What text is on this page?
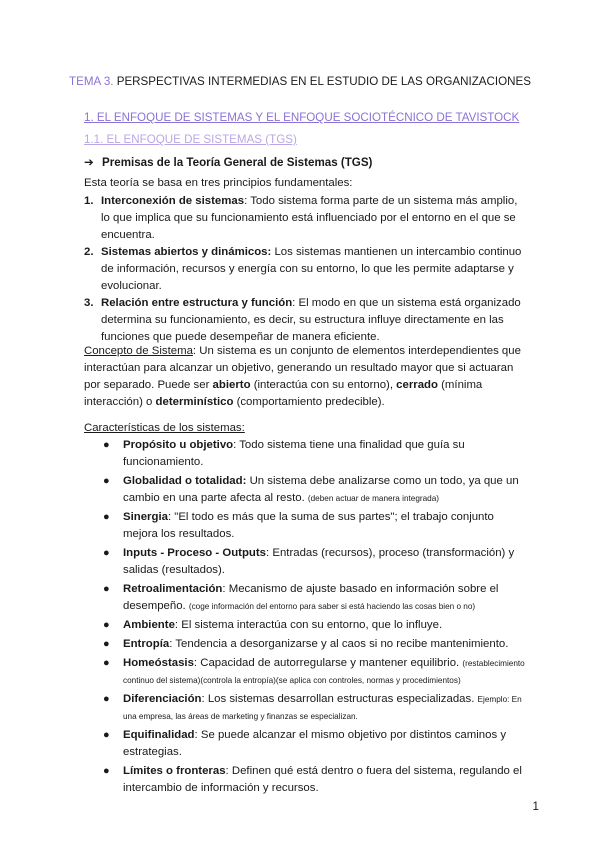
TEMA 3. PERSPECTIVAS INTERMEDIAS EN EL ESTUDIO DE LAS ORGANIZACIONES
1. EL ENFOQUE DE SISTEMAS Y EL ENFOQUE SOCIOTÉCNICO DE TAVISTOCK
1.1. EL ENFOQUE DE SISTEMAS (TGS)
➔ Premisas de la Teoría General de Sistemas (TGS)
Esta teoría se basa en tres principios fundamentales:
1. Interconexión de sistemas: Todo sistema forma parte de un sistema más amplio, lo que implica que su funcionamiento está influenciado por el entorno en el que se encuentra.
2. Sistemas abiertos y dinámicos: Los sistemas mantienen un intercambio continuo de información, recursos y energía con su entorno, lo que les permite adaptarse y evolucionar.
3. Relación entre estructura y función: El modo en que un sistema está organizado determina su funcionamiento, es decir, su estructura influye directamente en las funciones que puede desempeñar de manera eficiente.
Concepto de Sistema: Un sistema es un conjunto de elementos interdependientes que interactúan para alcanzar un objetivo, generando un resultado mayor que si actuaran por separado. Puede ser abierto (interactúa con su entorno), cerrado (mínima interacción) o determinístico (comportamiento predecible).
Características de los sistemas:
● Propósito u objetivo: Todo sistema tiene una finalidad que guía su funcionamiento.
● Globalidad o totalidad: Un sistema debe analizarse como un todo, ya que un cambio en una parte afecta al resto. (deben actuar de manera integrada)
● Sinergia: "El todo es más que la suma de sus partes"; el trabajo conjunto mejora los resultados.
● Inputs - Proceso - Outputs: Entradas (recursos), proceso (transformación) y salidas (resultados).
● Retroalimentación: Mecanismo de ajuste basado en información sobre el desempeño. (coge información del entorno para saber si está haciendo las cosas bien o no)
● Ambiente: El sistema interactúa con su entorno, que lo influye.
● Entropía: Tendencia a desorganizarse y al caos si no recibe mantenimiento.
● Homeóstasis: Capacidad de autorregularse y mantener equilibrio. (restablecimiento continuo del sistema)(controla la entropía)(se aplica con controles, normas y procedimientos)
● Diferenciación: Los sistemas desarrollan estructuras especializadas. Ejemplo: En una empresa, las áreas de marketing y finanzas se especializan.
● Equifinalidad: Se puede alcanzar el mismo objetivo por distintos caminos y estrategias.
● Límites o fronteras: Definen qué está dentro o fuera del sistema, regulando el intercambio de información y recursos.
1
